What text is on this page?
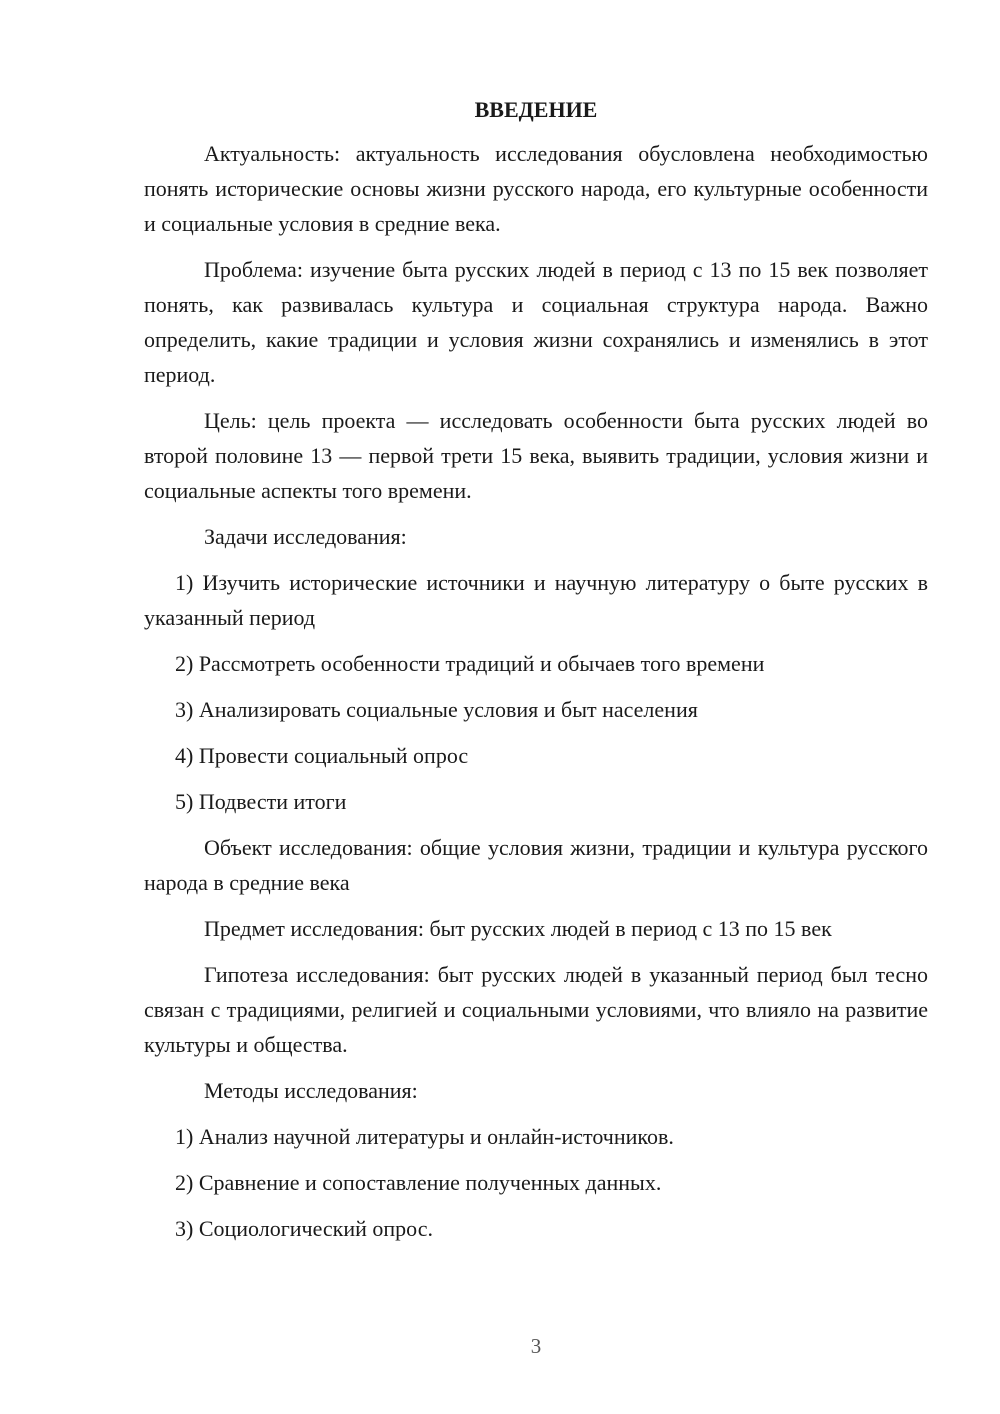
ВВЕДЕНИЕ

Актуальность: актуальность исследования обусловлена необходимостью понять исторические основы жизни русского народа, его культурные особенности и социальные условия в средние века.

Проблема: изучение быта русских людей в период с 13 по 15 век позволяет понять, как развивалась культура и социальная структура народа. Важно определить, какие традиции и условия жизни сохранялись и изменялись в этот период.

Цель: цель проекта — исследовать особенности быта русских людей во второй половине 13 — первой трети 15 века, выявить традиции, условия жизни и социальные аспекты того времени.

Задачи исследования:

1) Изучить исторические источники и научную литературу о быте русских в указанный период

2) Рассмотреть особенности традиций и обычаев того времени

3) Анализировать социальные условия и быт населения

4) Провести социальный опрос

5) Подвести итоги

Объект исследования: общие условия жизни, традиции и культура русского народа в средние века

Предмет исследования: быт русских людей в период с 13 по 15 век

Гипотеза исследования: быт русских людей в указанный период был тесно связан с традициями, религией и социальными условиями, что влияло на развитие культуры и общества.

Методы исследования:

1) Анализ научной литературы и онлайн-источников.

2) Сравнение и сопоставление полученных данных.

3) Социологический опрос.

3
